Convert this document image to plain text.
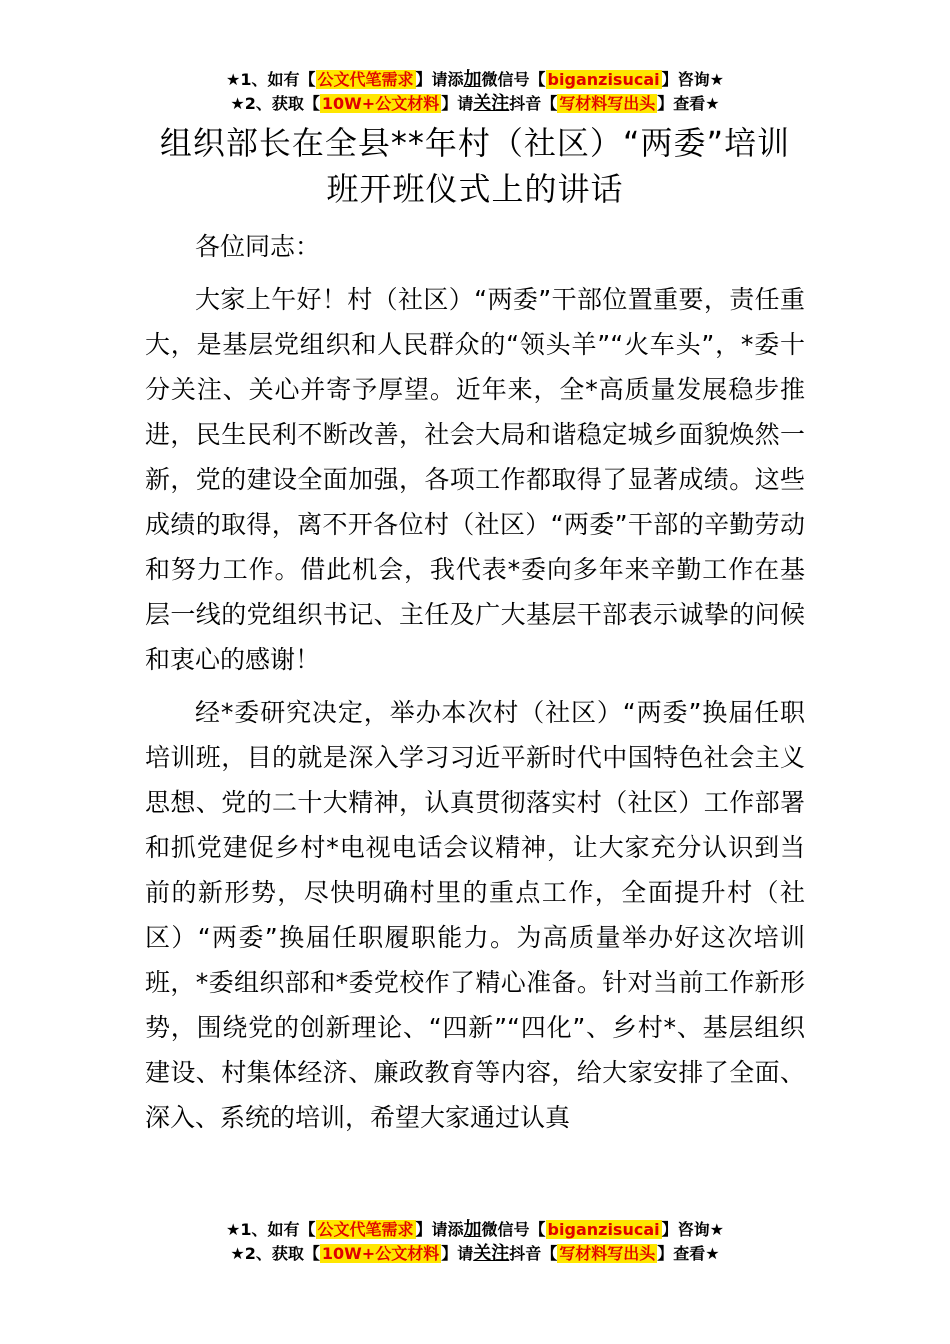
★1、如有【 公文代笔需求 】请添加微信号【 biganzisucai 】咨询★
★2、获取【 10W+公文材料 】请关注抖音【 写材料写出头 】查看★
组织部长在全县**年村（社区）“两委”培训班开班仪式上的讲话

各位同志：

大家上午好！村（社区）“两委”干部位置重要，责任重大，是基层党组织和人民群众的“领头羊”“火车头”，*委十分关注、关心并寄予厚望。近年来，全*高质量发展稳步推进，民生民利不断改善，社会大局和谐稳定城乡面貌焕然一新，党的建设全面加强，各项工作都取得了显著成绩。这些成绩的取得，离不开各位村（社区）“两委”干部的辛勤劳动和努力工作。借此机会，我代表*委向多年来辛勤工作在基层一线的党组织书记、主任及广大基层干部表示诚挚的问候和衷心的感谢！

经*委研究决定，举办本次村（社区）“两委”换届任职培训班，目的就是深入学习习近平新时代中国特色社会主义思想、党的二十大精神，认真贯彻落实村（社区）工作部署和抓党建促乡村*电视电话会议精神，让大家充分认识到当前的新形势，尽快明确村里的重点工作，全面提升村（社区）“两委”换届任职履职能力。为高质量举办好这次培训班，*委组织部和*委党校作了精心准备。针对当前工作新形势，围绕党的创新理论、“四新”“四化”、乡村*、基层组织建设、村集体经济、廉政教育等内容，给大家安排了全面、深入、系统的培训，希望大家通过认真

★1、如有【 公文代笔需求 】请添加微信号【 biganzisucai 】咨询★
★2、获取【 10W+公文材料 】请关注抖音【 写材料写出头 】查看★
